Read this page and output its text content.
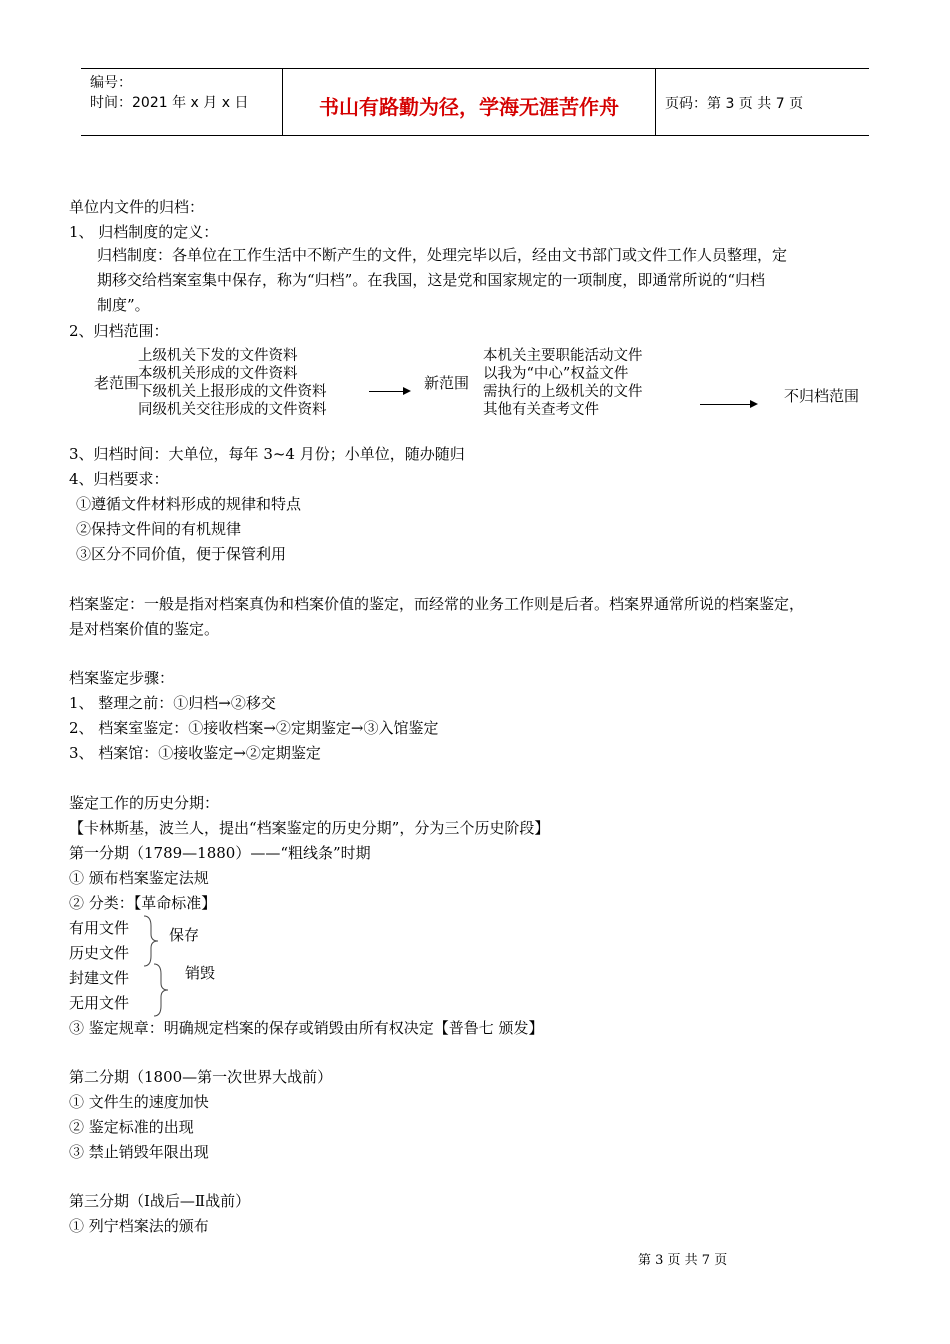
编号：
时间：2021 年 x 月 x 日	书山有路勤为径，学海无涯苦作舟	页码：第 3 页 共 7 页
单位内文件的归档：
1、 归档制度的定义：
归档制度：各单位在工作生活中不断产生的文件，处理完毕以后，经由文书部门或文件工作人员整理，定
期移交给档案室集中保存，称为“归档”。在我国，这是党和国家规定的一项制度，即通常所说的“归档
制度”。
2、归档范围：
老范围
上级机关下发的文件资料
本级机关形成的文件资料
下级机关上报形成的文件资料
同级机关交往形成的文件资料
新范围
本机关主要职能活动文件
以我为“中心”权益文件
需执行的上级机关的文件
其他有关查考文件
不归档范围
3、归档时间：大单位，每年 3~4 月份；小单位，随办随归
4、归档要求：
①遵循文件材料形成的规律和特点
②保持文件间的有机规律
③区分不同价值，便于保管利用
档案鉴定：一般是指对档案真伪和档案价值的鉴定，而经常的业务工作则是后者。档案界通常所说的档案鉴定，
是对档案价值的鉴定。
档案鉴定步骤：
1、 整理之前：①归档→②移交
2、 档案室鉴定：①接收档案→②定期鉴定→③入馆鉴定
3、 档案馆：①接收鉴定→②定期鉴定
鉴定工作的历史分期：
【卡林斯基，波兰人，提出“档案鉴定的历史分期”，分为三个历史阶段】
第一分期（1789—1880）——“粗线条”时期
① 颁布档案鉴定法规
② 分类：【革命标准】
有用文件
历史文件
保存
封建文件
无用文件
销毁
③ 鉴定规章：明确规定档案的保存或销毁由所有权决定【普鲁七 颁发】
第二分期（1800—第一次世界大战前）
① 文件生的速度加快
② 鉴定标准的出现
③ 禁止销毁年限出现
第三分期（Ⅰ战后—Ⅱ战前）
① 列宁档案法的颁布
第 3 页 共 7 页
